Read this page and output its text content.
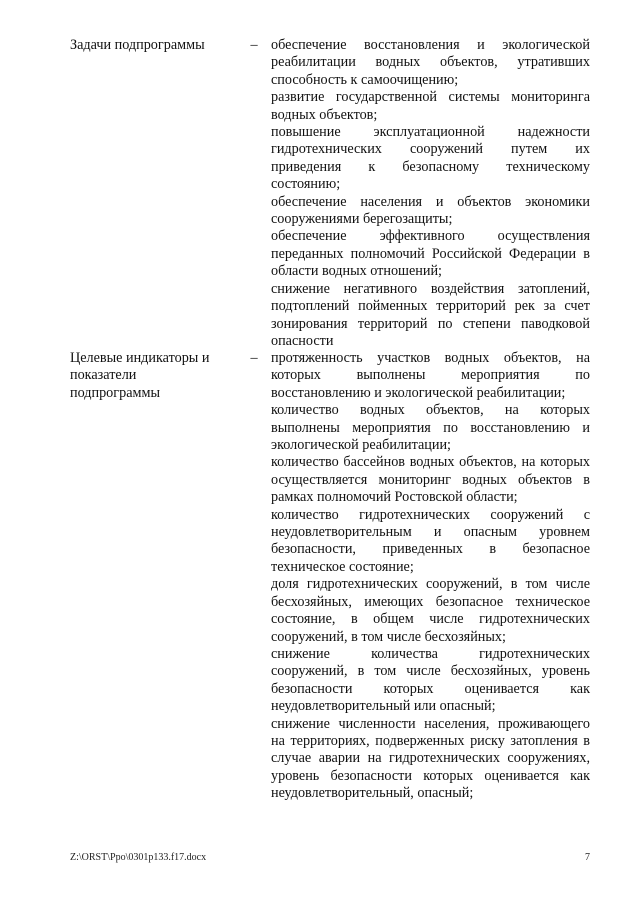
Задачи подпрограммы	– обеспечение восстановления и экологической реабилитации водных объектов, утративших способность к самоочищению;

развитие государственной системы мониторинга водных объектов;

повышение эксплуатационной надежности гидротехнических сооружений путем их приведения к безопасному техническому состоянию;

обеспечение населения и объектов экономики сооружениями берегозащиты;

обеспечение эффективного осуществления переданных полномочий Российской Федерации в области водных отношений;

снижение негативного воздействия затоплений, подтоплений пойменных территорий рек за счет зонирования территорий по степени паводковой опасности

Целевые индикаторы и
показатели
подпрограммы
– протяженность участков водных объектов, на которых выполнены мероприятия по восстановлению и экологической реабилитации;

количество водных объектов, на которых выполнены мероприятия по восстановлению и экологической реабилитации;

количество бассейнов водных объектов, на которых осуществляется мониторинг водных объектов в рамках полномочий Ростовской области;

количество гидротехнических сооружений с неудовлетворительным и опасным уровнем безопасности, приведенных в безопасное техническое состояние;

доля гидротехнических сооружений, в том числе бесхозяйных, имеющих безопасное техническое состояние, в общем числе гидротехнических сооружений, в том числе бесхозяйных;

снижение количества гидротехнических сооружений, в том числе бесхозяйных, уровень безопасности которых оценивается как неудовлетворительный или опасный;

снижение численности населения, проживающего на территориях, подверженных риску затопления в случае аварии на гидротехнических сооружениях, уровень безопасности которых оценивается как неудовлетворительный, опасный;

Z:\ORST\Ppo\0301p133.f17.docx	7
